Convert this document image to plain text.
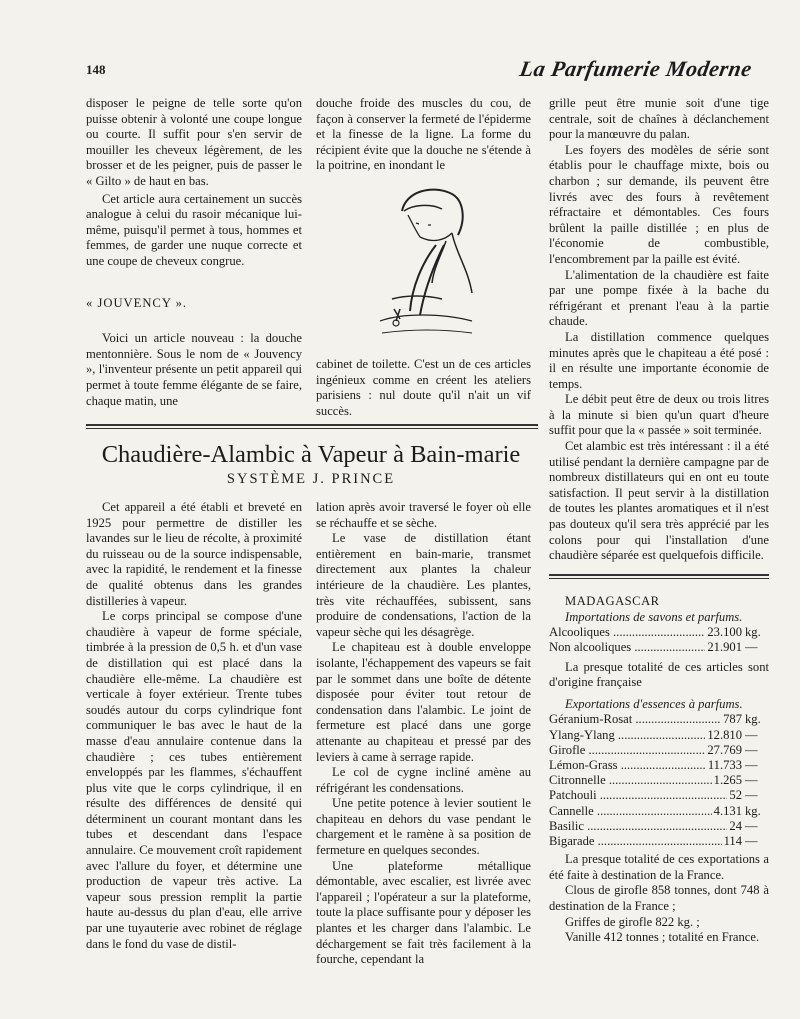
148	La Parfumerie Moderne

disposer le peigne de telle sorte qu'on puisse obtenir à volonté une coupe longue ou courte. Il suffit pour s'en servir de mouiller les cheveux légèrement, de les brosser et de les peigner, puis de passer le « Gilto » de haut en bas.

Cet article aura certainement un succès analogue à celui du rasoir mécanique lui-même, puisqu'il permet à tous, hommes et femmes, de garder une nuque correcte et une coupe de cheveux congrue.

« JOUVENCY ».

Voici un article nouveau : la douche mentonnière. Sous le nom de « Jouvency », l'inventeur présente un petit appareil qui permet à toute femme élégante de se faire, chaque matin, une

douche froide des muscles du cou, de façon à conserver la fermeté de l'épiderme et la finesse de la ligne. La forme du récipient évite que la douche ne s'étende à la poitrine, en inondant le

cabinet de toilette. C'est un de ces articles ingénieux comme en créent les ateliers parisiens : nul doute qu'il n'ait un vif succès.

grille peut être munie soit d'une tige centrale, soit de chaînes à déclanchement pour la manœuvre du palan.

Les foyers des modèles de série sont établis pour le chauffage mixte, bois ou charbon ; sur demande, ils peuvent être livrés avec des fours à revêtement réfractaire et démontables. Ces fours brûlent la paille distillée ; en plus de l'économie de combustible, l'encombrement par la paille est évité.

L'alimentation de la chaudière est faite par une pompe fixée à la bache du réfrigérant et prenant l'eau à la partie chaude.

La distillation commence quelques minutes après que le chapiteau a été posé : il en résulte une importante économie de temps.

Le débit peut être de deux ou trois litres à la minute si bien qu'un quart d'heure suffit pour que la « passée » soit terminée.

Cet alambic est très intéressant : il a été utilisé pendant la dernière campagne par de nombreux distillateurs qui en ont eu toute satisfaction. Il peut servir à la distillation de toutes les plantes aromatiques et il n'est pas douteux qu'il sera très apprécié par les colons pour qui l'installation d'une chaudière séparée est quelquefois difficile.

Chaudière-Alambic à Vapeur à Bain-marie
SYSTÈME J. PRINCE

Cet appareil a été établi et breveté en 1925 pour permettre de distiller les lavandes sur le lieu de récolte, à proximité du ruisseau ou de la source indispensable, avec la rapidité, le rendement et la finesse de qualité obtenus dans les grandes distilleries à vapeur.

Le corps principal se compose d'une chaudière à vapeur de forme spéciale, timbrée à la pression de 0,5 h. et d'un vase de distillation qui est placé dans la chaudière elle-même. La chaudière est verticale à foyer extérieur. Trente tubes soudés autour du corps cylindrique font communiquer le bas avec le haut de la masse d'eau annulaire contenue dans la chaudière ; ces tubes entièrement enveloppés par les flammes, s'échauffent plus vite que le corps cylindrique, il en résulte des différences de densité qui déterminent un courant montant dans les tubes et descendant dans l'espace annulaire. Ce mouvement croît rapidement avec l'allure du foyer, et détermine une production de vapeur très active. La vapeur sous pression remplit la partie haute au-dessus du plan d'eau, elle arrive par une tuyauterie avec robinet de réglage dans le fond du vase de distil-

lation après avoir traversé le foyer où elle se réchauffe et se sèche.

Le vase de distillation étant entièrement en bain-marie, transmet directement aux plantes la chaleur intérieure de la chaudière. Les plantes, très vite réchauffées, subissent, sans produire de condensations, l'action de la vapeur sèche qui les désagrège.

Le chapiteau est à double enveloppe isolante, l'échappement des vapeurs se fait par le sommet dans une boîte de détente disposée pour éviter tout retour de condensation dans l'alambic. Le joint de fermeture est placé dans une gorge attenante au chapiteau et pressé par des leviers à came à serrage rapide.

Le col de cygne incliné amène au réfrigérant les condensations.

Une petite potence à levier soutient le chapiteau en dehors du vase pendant le chargement et le ramène à sa position de fermeture en quelques secondes.

Une plateforme métallique démontable, avec escalier, est livrée avec l'appareil ; l'opérateur a sur la plateforme, toute la place suffisante pour y déposer les plantes et les charger dans l'alambic. Le déchargement se fait très facilement à la fourche, cependant la

MADAGASCAR

Importations de savons et parfums.

Alcooliques .....	23.100 kg.
Non alcooliques .....	21.901 —

La presque totalité de ces articles sont d'origine française

Exportations d'essences à parfums.

Géranium-Rosat .....	787 kg.
Ylang-Ylang .....	12.810 —
Girofle .....	27.769 —
Lémon-Grass .....	11.733 —
Citronnelle .....	1.265 —
Patchouli .....	52 —
Cannelle .....	4.131 kg.
Basilic .....	24 —
Bigarade .....	114 —

La presque totalité de ces exportations a été faite à destination de la France.

Clous de girofle 858 tonnes, dont 748 à destination de la France ;

Griffes de girofle 822 kg. ;

Vanille 412 tonnes ; totalité en France.
